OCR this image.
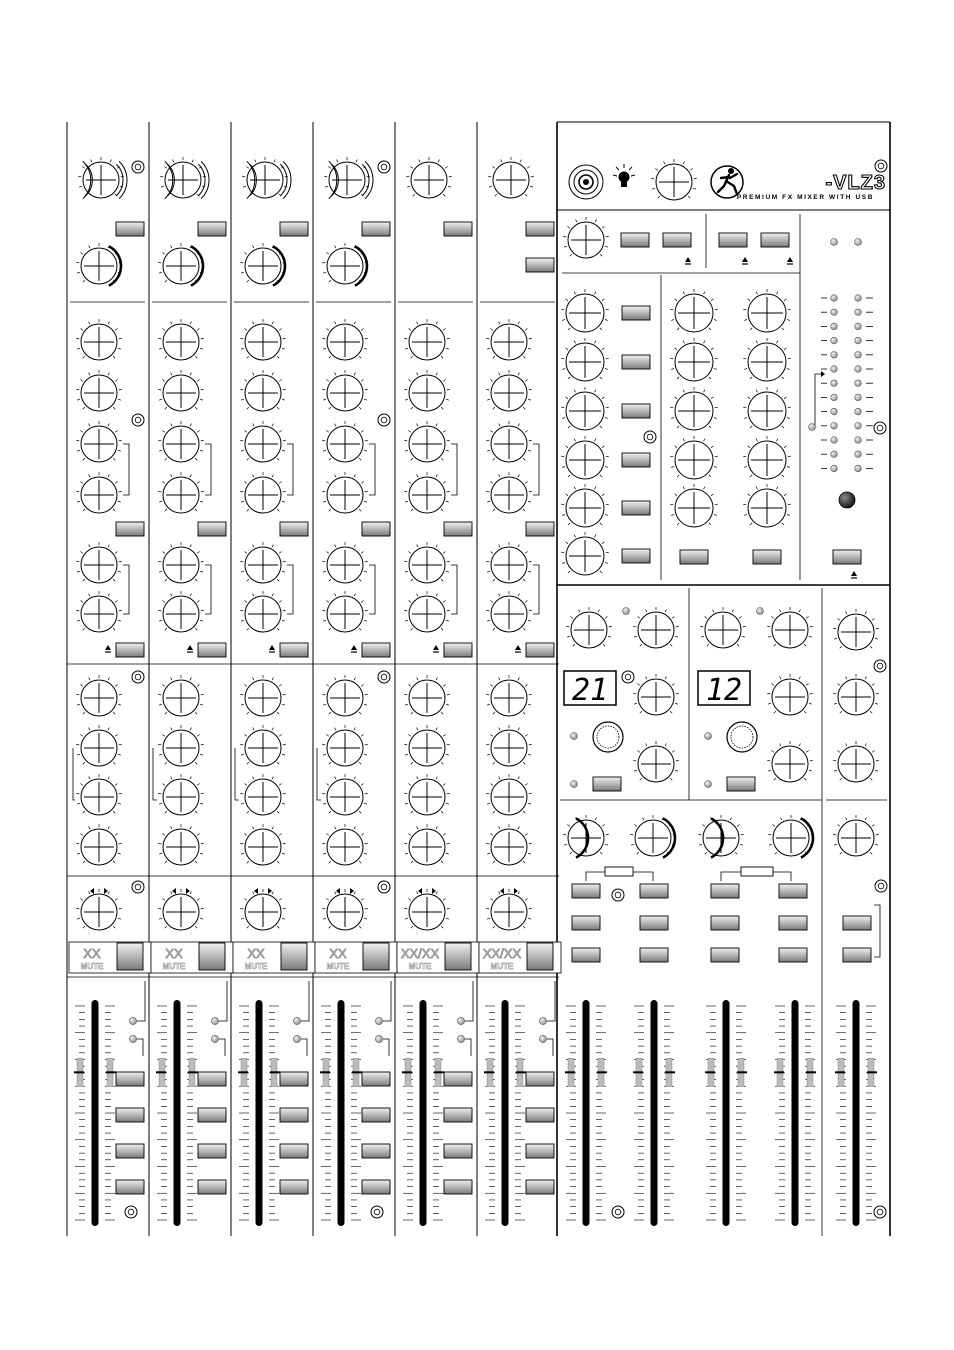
XX
MUTE
XX
MUTE
XX
MUTE
XX
MUTE
XX/XX
MUTE
XX/XX
MUTE
21	12
-VLZ3
PREMIUM FX MIXER WITH USB
